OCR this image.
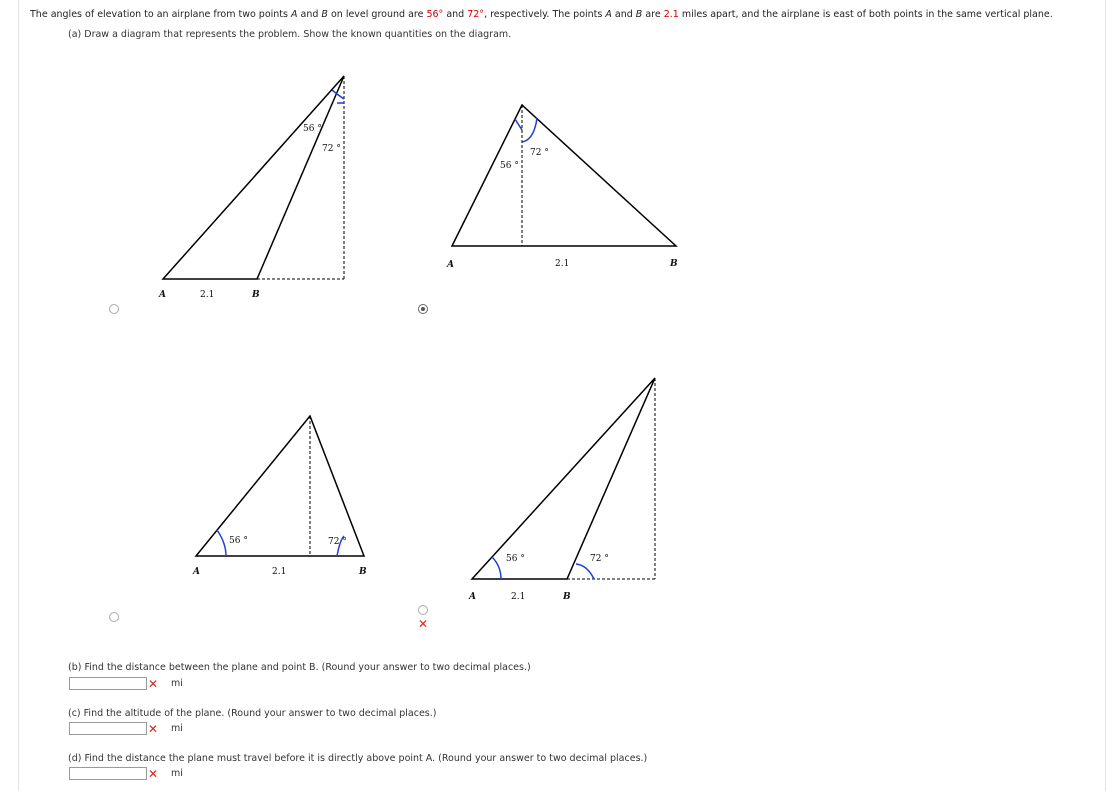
The angles of elevation to an airplane from two points A and B on level ground are 56° and 72°, respectively. The points A and B are 2.1 miles apart, and the airplane is east of both points in the same vertical plane.
(a) Draw a diagram that represents the problem. Show the known quantities on the diagram.
56 °
72 °
A	2.1	B
56 °
72 °
A	2.1	B
56 °	72 °
A	2.1	B
✕
56 °	72 °
A	2.1	B
(b) Find the distance between the plane and point B. (Round your answer to two decimal places.)
✕ mi
(c) Find the altitude of the plane. (Round your answer to two decimal places.)
✕ mi
(d) Find the distance the plane must travel before it is directly above point A. (Round your answer to two decimal places.)
✕ mi
